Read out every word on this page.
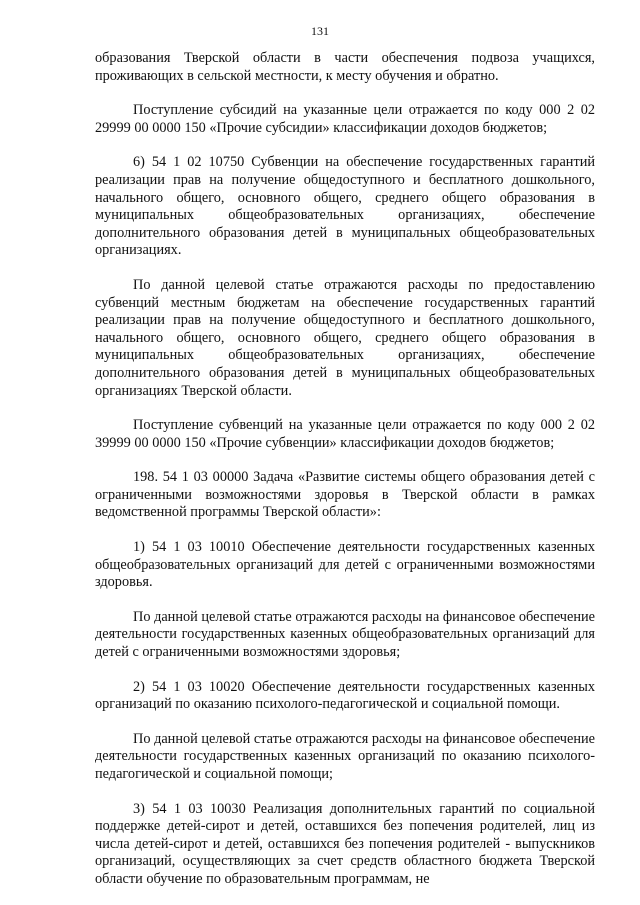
131

образования Тверской области в части обеспечения подвоза учащихся, проживающих в сельской местности, к месту обучения и обратно.

Поступление субсидий на указанные цели отражается по коду 000 2 02 29999 00 0000 150 «Прочие субсидии» классификации доходов бюджетов;

6) 54 1 02 10750 Субвенции на обеспечение государственных гарантий реализации прав на получение общедоступного и бесплатного дошкольного, начального общего, основного общего, среднего общего образования в муниципальных общеобразовательных организациях, обеспечение дополнительного образования детей в муниципальных общеобразовательных организациях.

По данной целевой статье отражаются расходы по предоставлению субвенций местным бюджетам на обеспечение государственных гарантий реализации прав на получение общедоступного и бесплатного дошкольного, начального общего, основного общего, среднего общего образования в муниципальных общеобразовательных организациях, обеспечение дополнительного образования детей в муниципальных общеобразовательных организациях Тверской области.

Поступление субвенций на указанные цели отражается по коду 000 2 02 39999 00 0000 150 «Прочие субвенции» классификации доходов бюджетов;

198. 54 1 03 00000 Задача «Развитие системы общего образования детей с ограниченными возможностями здоровья в Тверской области в рамках ведомственной программы Тверской области»:

1) 54 1 03 10010 Обеспечение деятельности государственных казенных общеобразовательных организаций для детей с ограниченными возможностями здоровья.

По данной целевой статье отражаются расходы на финансовое обеспечение деятельности государственных казенных общеобразовательных организаций для детей с ограниченными возможностями здоровья;

2) 54 1 03 10020 Обеспечение деятельности государственных казенных организаций по оказанию психолого-педагогической и социальной помощи.

По данной целевой статье отражаются расходы на финансовое обеспечение деятельности государственных казенных организаций по оказанию психолого-педагогической и социальной помощи;

3) 54 1 03 10030 Реализация дополнительных гарантий по социальной поддержке детей-сирот и детей, оставшихся без попечения родителей, лиц из числа детей-сирот и детей, оставшихся без попечения родителей - выпускников организаций, осуществляющих за счет средств областного бюджета Тверской области обучение по образовательным программам, не
